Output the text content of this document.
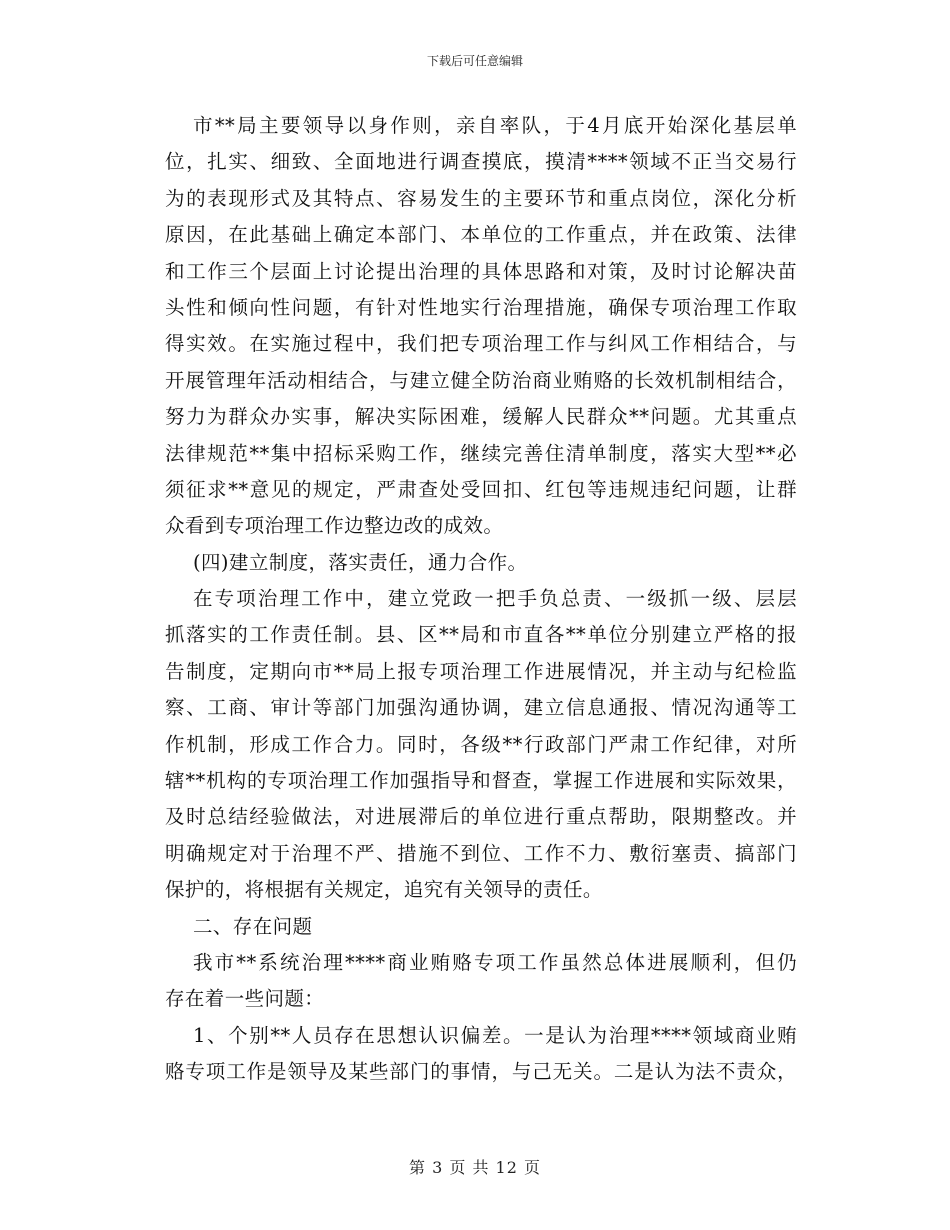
下载后可任意编辑
市**局主要领导以身作则，亲自率队，于4月底开始深化基层单
位，扎实、细致、全面地进行调查摸底，摸清****领域不正当交易行
为的表现形式及其特点、容易发生的主要环节和重点岗位，深化分析
原因，在此基础上确定本部门、本单位的工作重点，并在政策、法律
和工作三个层面上讨论提出治理的具体思路和对策，及时讨论解决苗
头性和倾向性问题，有针对性地实行治理措施，确保专项治理工作取
得实效。在实施过程中，我们把专项治理工作与纠风工作相结合，与
开展管理年活动相结合，与建立健全防治商业贿赂的长效机制相结合，
努力为群众办实事，解决实际困难，缓解人民群众**问题。尤其重点
法律规范**集中招标采购工作，继续完善住清单制度，落实大型**必
须征求**意见的规定，严肃查处受回扣、红包等违规违纪问题，让群
众看到专项治理工作边整边改的成效。
(四)建立制度，落实责任，通力合作。
在专项治理工作中，建立党政一把手负总责、一级抓一级、层层
抓落实的工作责任制。县、区**局和市直各**单位分别建立严格的报
告制度，定期向市**局上报专项治理工作进展情况，并主动与纪检监
察、工商、审计等部门加强沟通协调，建立信息通报、情况沟通等工
作机制，形成工作合力。同时，各级**行政部门严肃工作纪律，对所
辖**机构的专项治理工作加强指导和督查，掌握工作进展和实际效果，
及时总结经验做法，对进展滞后的单位进行重点帮助，限期整改。并
明确规定对于治理不严、措施不到位、工作不力、敷衍塞责、搞部门
保护的，将根据有关规定，追究有关领导的责任。
二、存在问题
我市**系统治理****商业贿赂专项工作虽然总体进展顺利，但仍
存在着一些问题：
1、个别**人员存在思想认识偏差。一是认为治理****领域商业贿
赂专项工作是领导及某些部门的事情，与己无关。二是认为法不责众，
第 3 页 共 12 页
